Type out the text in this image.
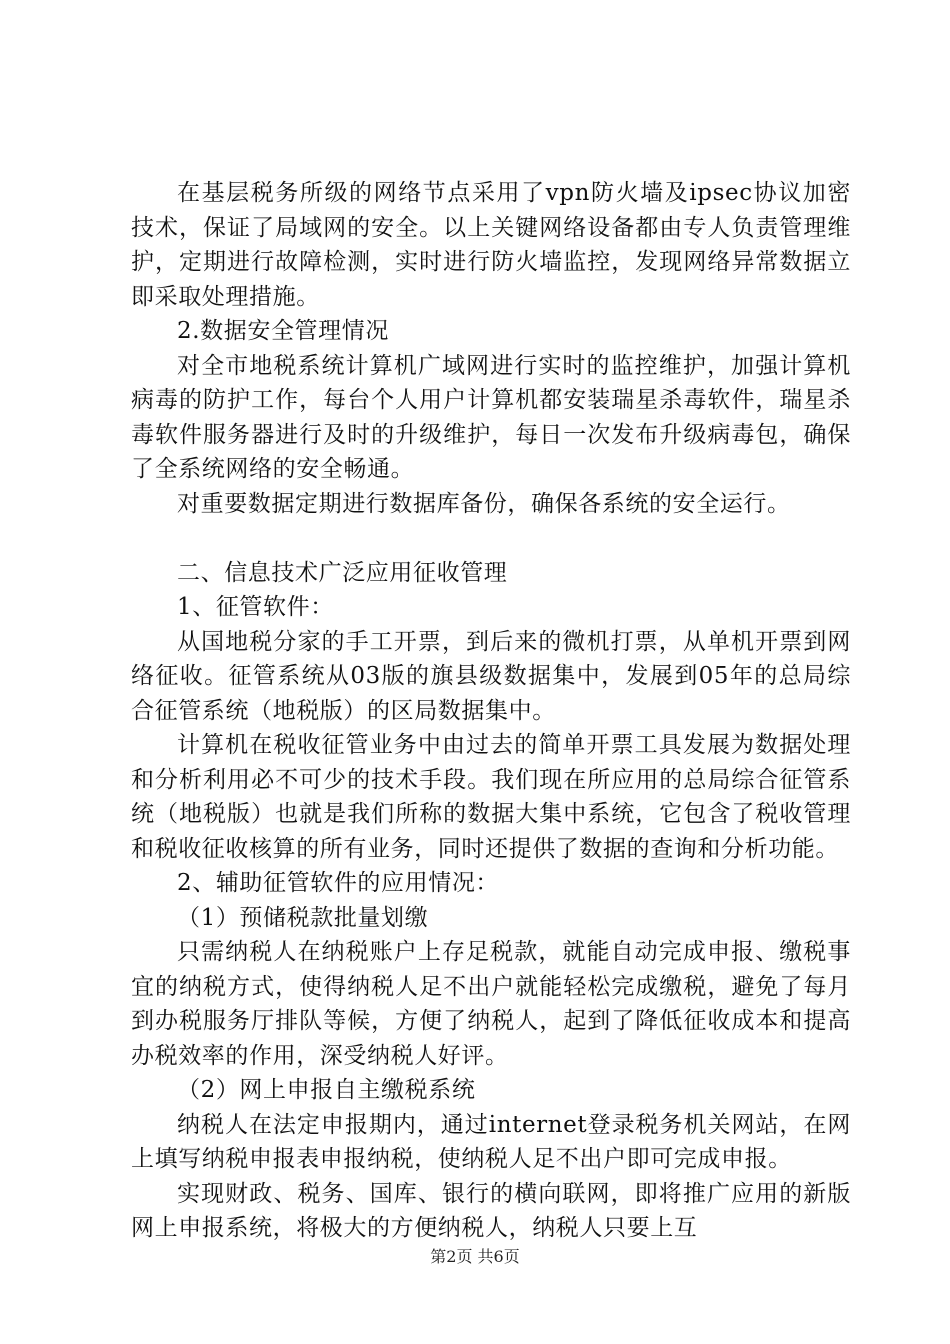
在基层税务所级的网络节点采用了vpn防火墙及ipsec协议加密技术，保证了局域网的安全。以上关键网络设备都由专人负责管理维护，定期进行故障检测，实时进行防火墙监控，发现网络异常数据立即采取处理措施。

2.数据安全管理情况

对全市地税系统计算机广域网进行实时的监控维护，加强计算机病毒的防护工作，每台个人用户计算机都安装瑞星杀毒软件，瑞星杀毒软件服务器进行及时的升级维护，每日一次发布升级病毒包，确保了全系统网络的安全畅通。

对重要数据定期进行数据库备份，确保各系统的安全运行。

二、信息技术广泛应用征收管理

1、征管软件：

从国地税分家的手工开票，到后来的微机打票，从单机开票到网络征收。征管系统从03版的旗县级数据集中，发展到05年的总局综合征管系统（地税版）的区局数据集中。

计算机在税收征管业务中由过去的简单开票工具发展为数据处理和分析利用必不可少的技术手段。我们现在所应用的总局综合征管系统（地税版）也就是我们所称的数据大集中系统，它包含了税收管理和税收征收核算的所有业务，同时还提供了数据的查询和分析功能。

2、辅助征管软件的应用情况：

（1）预储税款批量划缴

只需纳税人在纳税账户上存足税款，就能自动完成申报、缴税事宜的纳税方式，使得纳税人足不出户就能轻松完成缴税，避免了每月到办税服务厅排队等候，方便了纳税人，起到了降低征收成本和提高办税效率的作用，深受纳税人好评。

（2）网上申报自主缴税系统

纳税人在法定申报期内，通过internet登录税务机关网站，在网上填写纳税申报表申报纳税，使纳税人足不出户即可完成申报。

实现财政、税务、国库、银行的横向联网，即将推广应用的新版网上申报系统，将极大的方便纳税人，纳税人只要上互

第2页 共6页
